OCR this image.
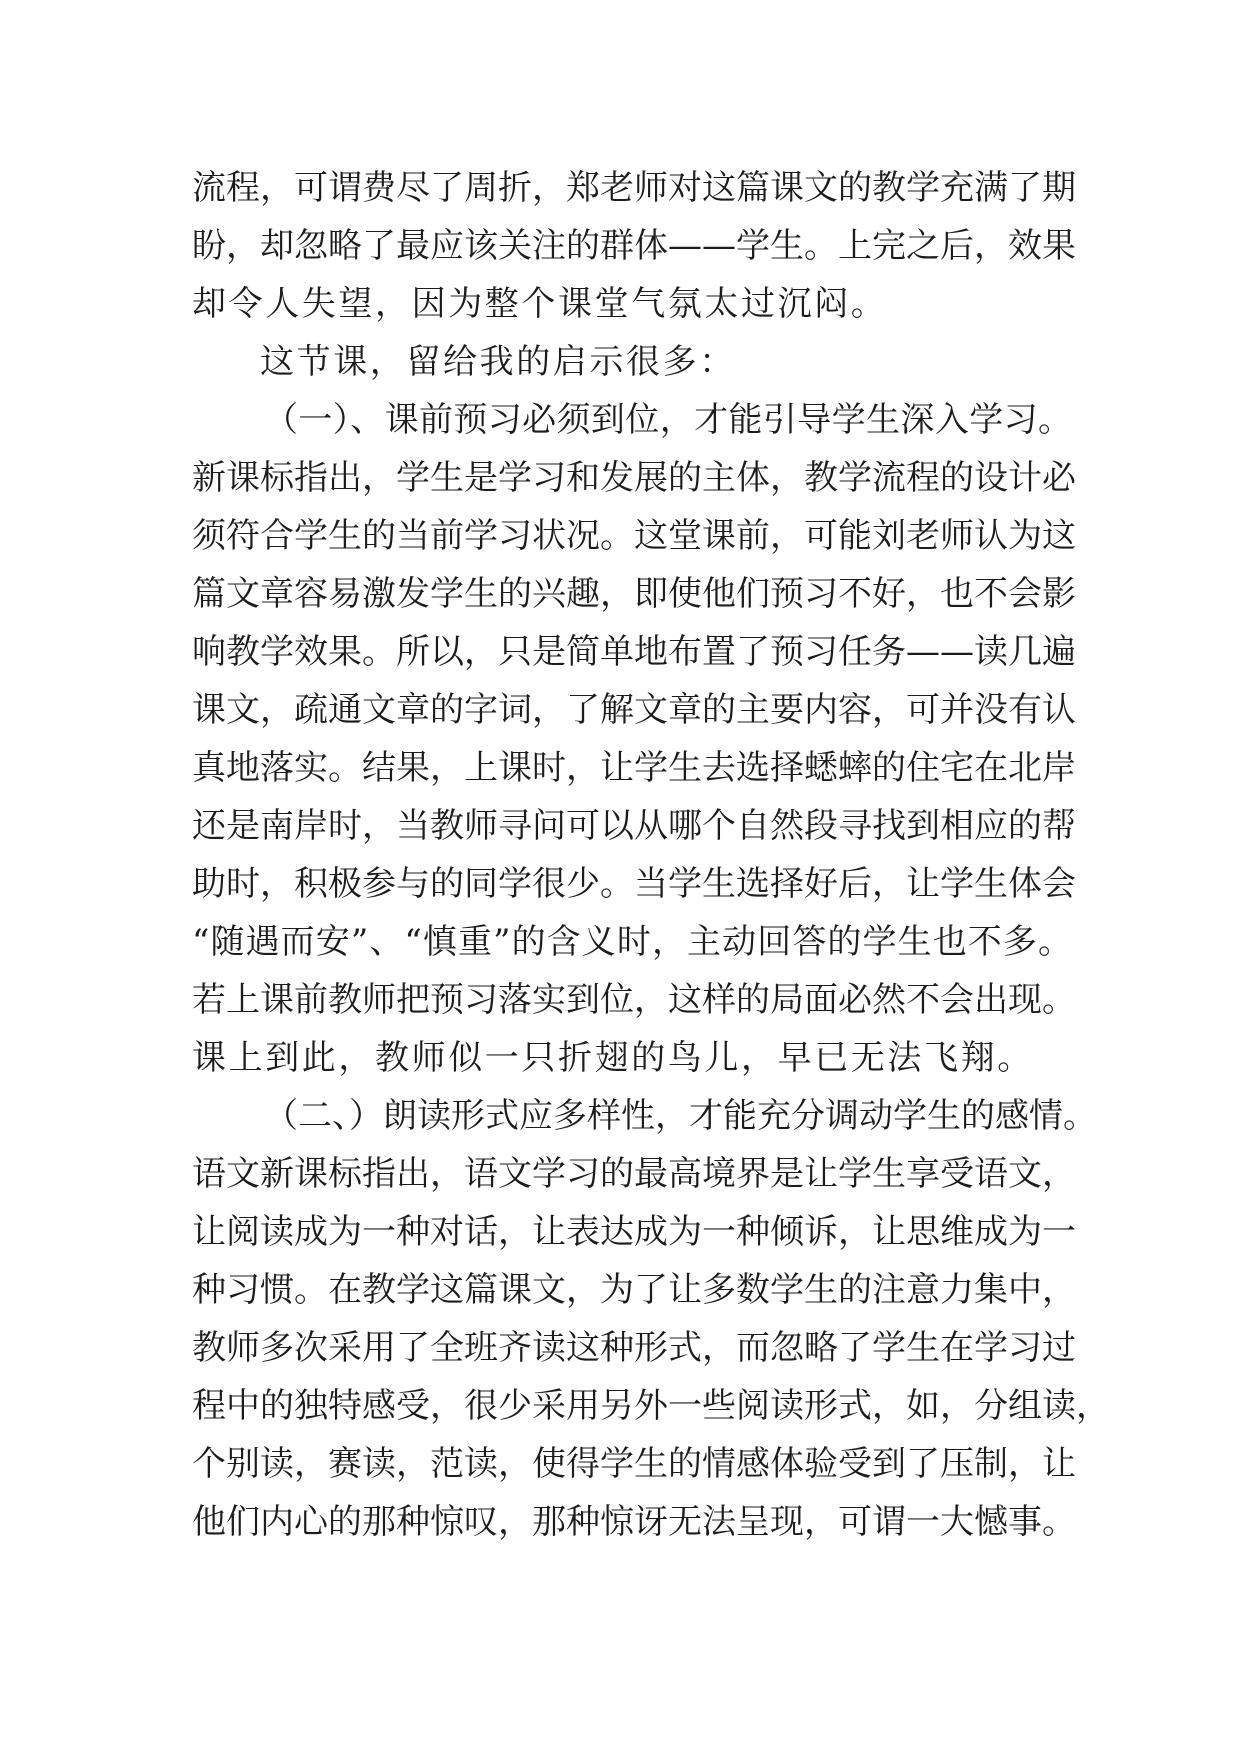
流程，可谓费尽了周折，郑老师对这篇课文的教学充满了期
盼，却忽略了最应该关注的群体——学生。上完之后，效果
却令人失望，因为整个课堂气氛太过沉闷。
这节课，留给我的启示很多：
（一）、课前预习必须到位，才能引导学生深入学习。
新课标指出，学生是学习和发展的主体，教学流程的设计必
须符合学生的当前学习状况。这堂课前，可能刘老师认为这
篇文章容易激发学生的兴趣，即使他们预习不好，也不会影
响教学效果。所以，只是简单地布置了预习任务——读几遍
课文，疏通文章的字词，了解文章的主要内容，可并没有认
真地落实。结果，上课时，让学生去选择蟋蟀的住宅在北岸
还是南岸时，当教师寻问可以从哪个自然段寻找到相应的帮
助时，积极参与的同学很少。当学生选择好后，让学生体会
“随遇而安”、“慎重”的含义时，主动回答的学生也不多。
若上课前教师把预习落实到位，这样的局面必然不会出现。
课上到此，教师似一只折翅的鸟儿，早已无法飞翔。
（二、）朗读形式应多样性，才能充分调动学生的感情。
语文新课标指出，语文学习的最高境界是让学生享受语文，
让阅读成为一种对话，让表达成为一种倾诉，让思维成为一
种习惯。在教学这篇课文，为了让多数学生的注意力集中，
教师多次采用了全班齐读这种形式，而忽略了学生在学习过
程中的独特感受，很少采用另外一些阅读形式，如，分组读，
个别读，赛读，范读，使得学生的情感体验受到了压制，让
他们内心的那种惊叹，那种惊讶无法呈现，可谓一大憾事。
